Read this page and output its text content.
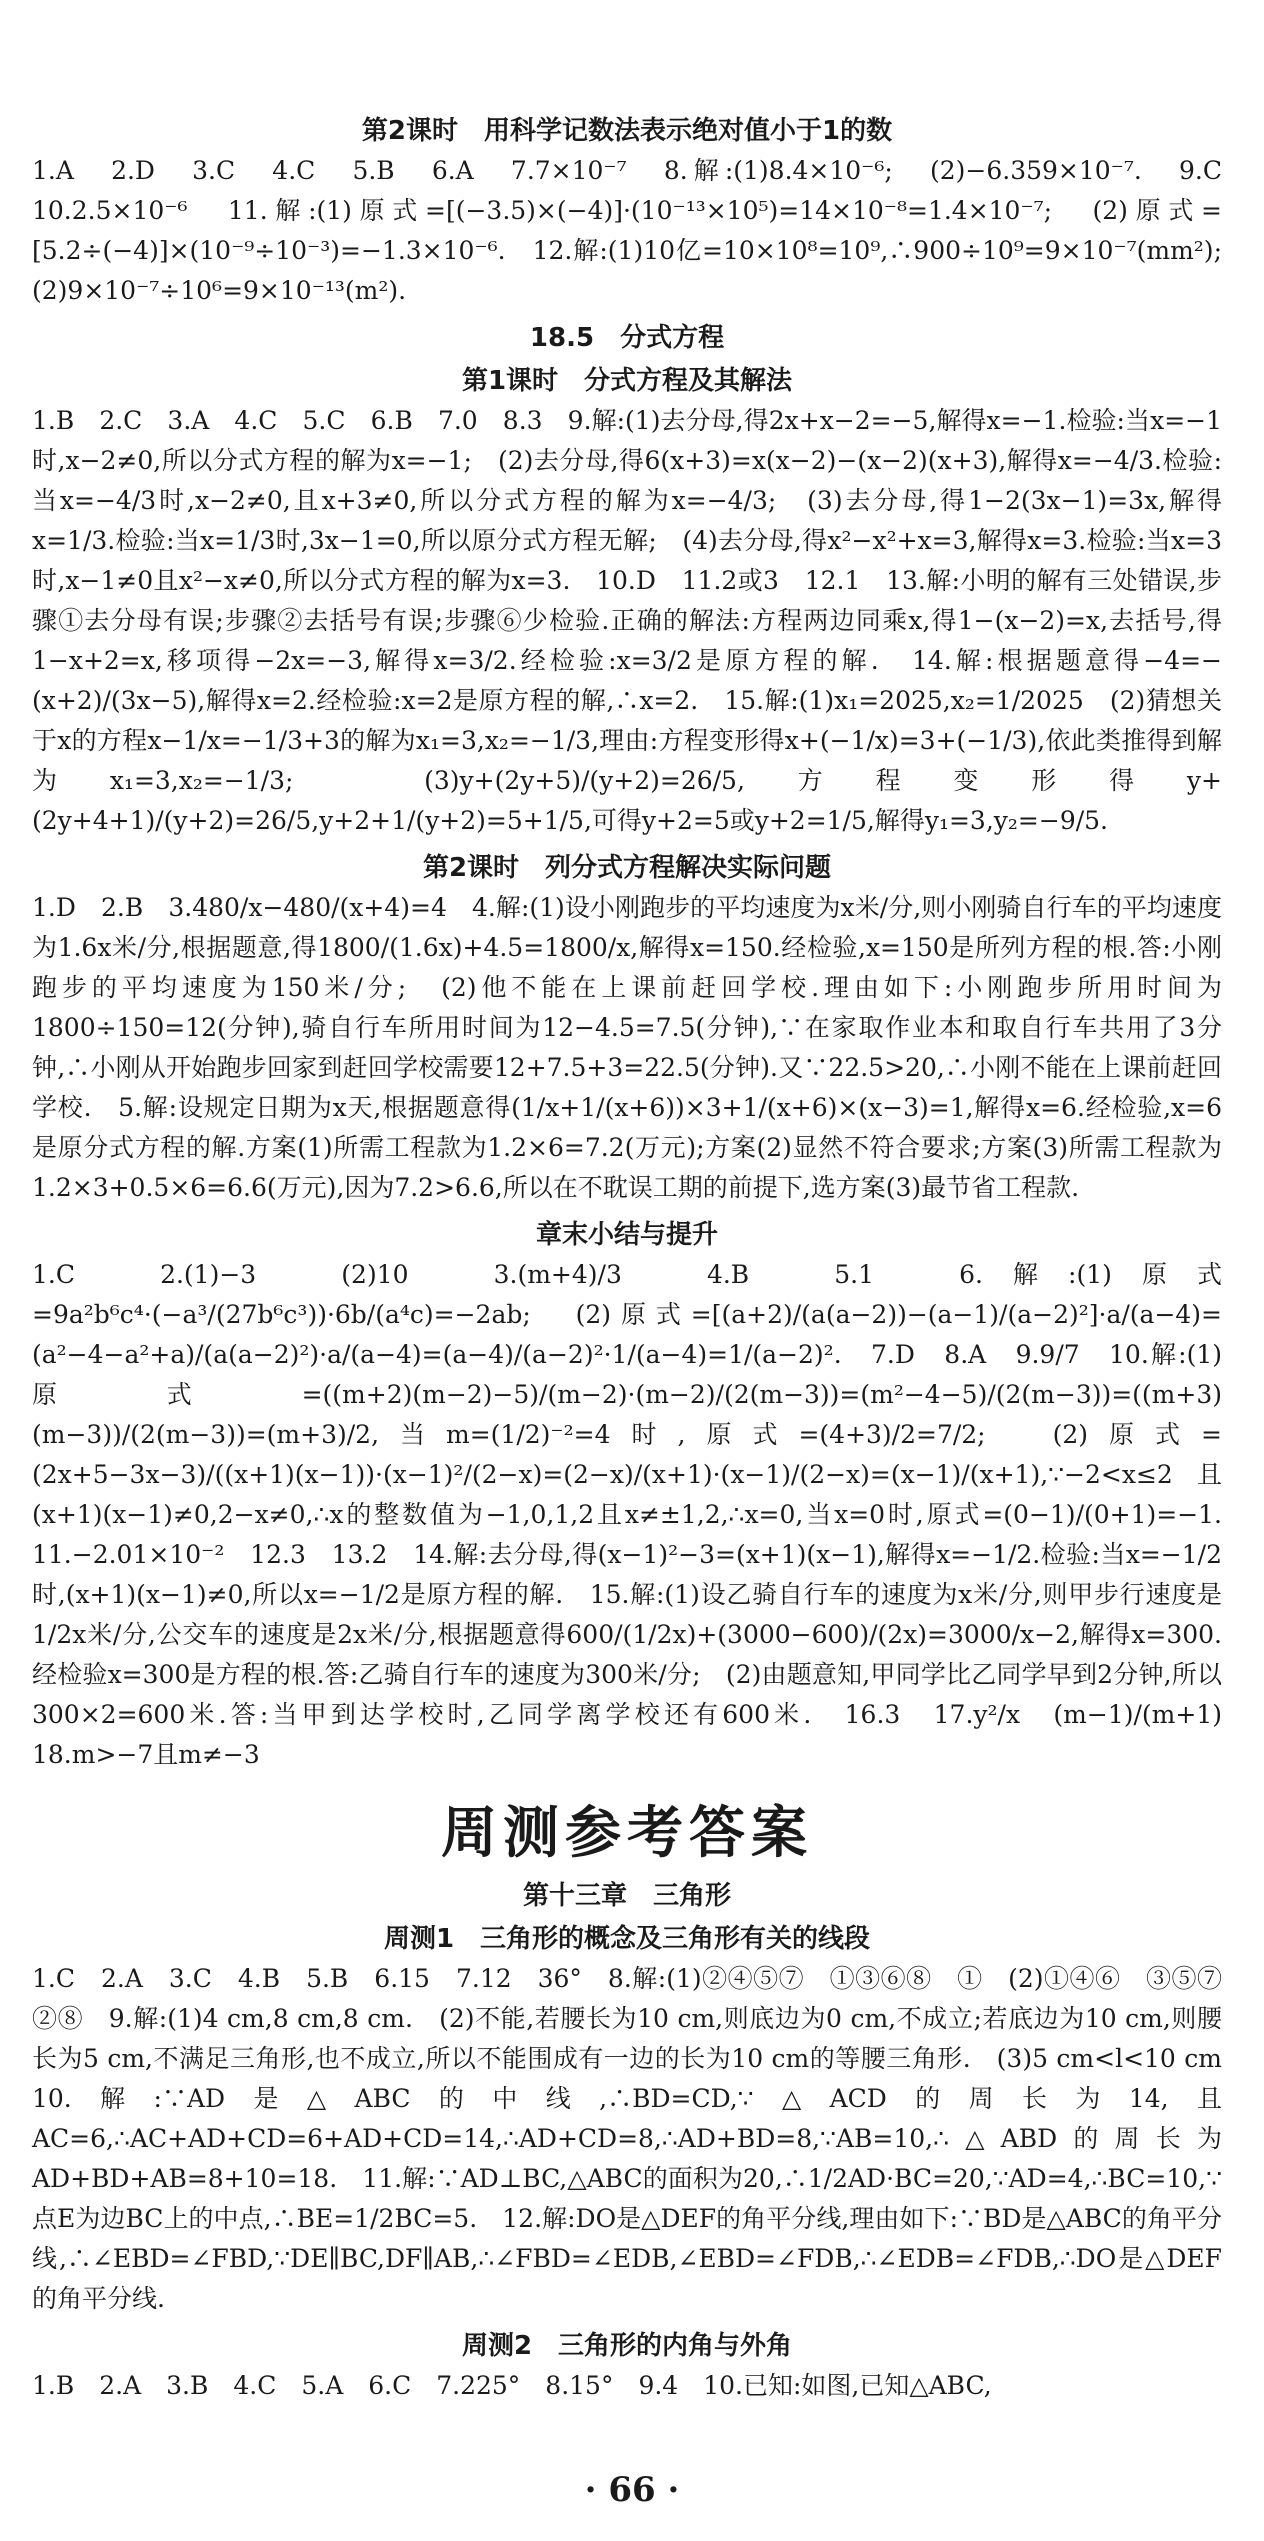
第2课时　用科学记数法表示绝对值小于1的数

1.A　2.D　3.C　4.C　5.B　6.A　7.7×10⁻⁷　8.解:(1)8.4×10⁻⁶;　(2)−6.359×10⁻⁷.　9.C　10.2.5×10⁻⁶　11.解:(1)原式=[(−3.5)×(−4)]·(10⁻¹³×10⁵)=14×10⁻⁸=1.4×10⁻⁷;　(2)原式=[5.2÷(−4)]×(10⁻⁹÷10⁻³)=−1.3×10⁻⁶.　12.解:(1)10亿=10×10⁸=10⁹,∴900÷10⁹=9×10⁻⁷(mm²);　(2)9×10⁻⁷÷10⁶=9×10⁻¹³(m²).

18.5　分式方程
第1课时　分式方程及其解法

1.B　2.C　3.A　4.C　5.C　6.B　7.0　8.3　9.解:(1)去分母,得2x+x−2=−5,解得x=−1.检验:当x=−1时,x−2≠0,所以分式方程的解为x=−1;　(2)去分母,得6(x+3)=x(x−2)−(x−2)(x+3),解得x=−4/3.检验:当x=−4/3时,x−2≠0,且x+3≠0,所以分式方程的解为x=−4/3;　(3)去分母,得1−2(3x−1)=3x,解得x=1/3.检验:当x=1/3时,3x−1=0,所以原分式方程无解;　(4)去分母,得x²−x²+x=3,解得x=3.检验:当x=3时,x−1≠0且x²−x≠0,所以分式方程的解为x=3.　10.D　11.2或3　12.1　13.解:小明的解有三处错误,步骤①去分母有误;步骤②去括号有误;步骤⑥少检验.正确的解法:方程两边同乘x,得1−(x−2)=x,去括号,得1−x+2=x,移项得−2x=−3,解得x=3/2.经检验:x=3/2是原方程的解.　14.解:根据题意得−4=−(x+2)/(3x−5),解得x=2.经检验:x=2是原方程的解,∴x=2.　15.解:(1)x₁=2025,x₂=1/2025　(2)猜想关于x的方程x−1/x=−1/3+3的解为x₁=3,x₂=−1/3,理由:方程变形得x+(−1/x)=3+(−1/3),依此类推得到解为x₁=3,x₂=−1/3;　(3)y+(2y+5)/(y+2)=26/5,方程变形得y+(2y+4+1)/(y+2)=26/5,y+2+1/(y+2)=5+1/5,可得y+2=5或y+2=1/5,解得y₁=3,y₂=−9/5.

第2课时　列分式方程解决实际问题

1.D　2.B　3.480/x−480/(x+4)=4　4.解:(1)设小刚跑步的平均速度为x米/分,则小刚骑自行车的平均速度为1.6x米/分,根据题意,得1800/(1.6x)+4.5=1800/x,解得x=150.经检验,x=150是所列方程的根.答:小刚跑步的平均速度为150米/分;　(2)他不能在上课前赶回学校.理由如下:小刚跑步所用时间为1800÷150=12(分钟),骑自行车所用时间为12−4.5=7.5(分钟),∵在家取作业本和取自行车共用了3分钟,∴小刚从开始跑步回家到赶回学校需要12+7.5+3=22.5(分钟).又∵22.5>20,∴小刚不能在上课前赶回学校.　5.解:设规定日期为x天,根据题意得(1/x+1/(x+6))×3+1/(x+6)×(x−3)=1,解得x=6.经检验,x=6是原分式方程的解.方案(1)所需工程款为1.2×6=7.2(万元);方案(2)显然不符合要求;方案(3)所需工程款为1.2×3+0.5×6=6.6(万元),因为7.2>6.6,所以在不耽误工期的前提下,选方案(3)最节省工程款.

章末小结与提升

1.C　2.(1)−3　(2)10　3.(m+4)/3　4.B　5.1　6.解:(1)原式=9a²b⁶c⁴·(−a³/(27b⁶c³))·6b/(a⁴c)=−2ab;　(2)原式=[(a+2)/(a(a−2))−(a−1)/(a−2)²]·a/(a−4)=(a²−4−a²+a)/(a(a−2)²)·a/(a−4)=(a−4)/(a−2)²·1/(a−4)=1/(a−2)².　7.D　8.A　9.9/7　10.解:(1)原式=((m+2)(m−2)−5)/(m−2)·(m−2)/(2(m−3))=(m²−4−5)/(2(m−3))=((m+3)(m−3))/(2(m−3))=(m+3)/2,当m=(1/2)⁻²=4时,原式=(4+3)/2=7/2;　(2)原式=(2x+5−3x−3)/((x+1)(x−1))·(x−1)²/(2−x)=(2−x)/(x+1)·(x−1)/(2−x)=(x−1)/(x+1),∵−2<x≤2且(x+1)(x−1)≠0,2−x≠0,∴x的整数值为−1,0,1,2且x≠±1,2,∴x=0,当x=0时,原式=(0−1)/(0+1)=−1.　11.−2.01×10⁻²　12.3　13.2　14.解:去分母,得(x−1)²−3=(x+1)(x−1),解得x=−1/2.检验:当x=−1/2时,(x+1)(x−1)≠0,所以x=−1/2是原方程的解.　15.解:(1)设乙骑自行车的速度为x米/分,则甲步行速度是1/2x米/分,公交车的速度是2x米/分,根据题意得600/(1/2x)+(3000−600)/(2x)=3000/x−2,解得x=300.经检验x=300是方程的根.答:乙骑自行车的速度为300米/分;　(2)由题意知,甲同学比乙同学早到2分钟,所以300×2=600米.答:当甲到达学校时,乙同学离学校还有600米.　16.3　17.y²/x　(m−1)/(m+1)　18.m>−7且m≠−3

周测参考答案
第十三章　三角形
周测1　三角形的概念及三角形有关的线段

1.C　2.A　3.C　4.B　5.B　6.15　7.12　36°　8.解:(1)②④⑤⑦　①③⑥⑧　①　(2)①④⑥　③⑤⑦　②⑧　9.解:(1)4 cm,8 cm,8 cm.　(2)不能,若腰长为10 cm,则底边为0 cm,不成立;若底边为10 cm,则腰长为5 cm,不满足三角形,也不成立,所以不能围成有一边的长为10 cm的等腰三角形.　(3)5 cm<l<10 cm　10.解:∵AD是△ABC的中线,∴BD=CD,∵△ACD的周长为14,且AC=6,∴AC+AD+CD=6+AD+CD=14,∴AD+CD=8,∴AD+BD=8,∵AB=10,∴△ABD的周长为AD+BD+AB=8+10=18.　11.解:∵AD⊥BC,△ABC的面积为20,∴1/2AD·BC=20,∵AD=4,∴BC=10,∵点E为边BC上的中点,∴BE=1/2BC=5.　12.解:DO是△DEF的角平分线,理由如下:∵BD是△ABC的角平分线,∴∠EBD=∠FBD,∵DE∥BC,DF∥AB,∴∠FBD=∠EDB,∠EBD=∠FDB,∴∠EDB=∠FDB,∴DO是△DEF的角平分线.

周测2　三角形的内角与外角

1.B　2.A　3.B　4.C　5.A　6.C　7.225°　8.15°　9.4　10.已知:如图,已知△ABC,

· 66 ·
